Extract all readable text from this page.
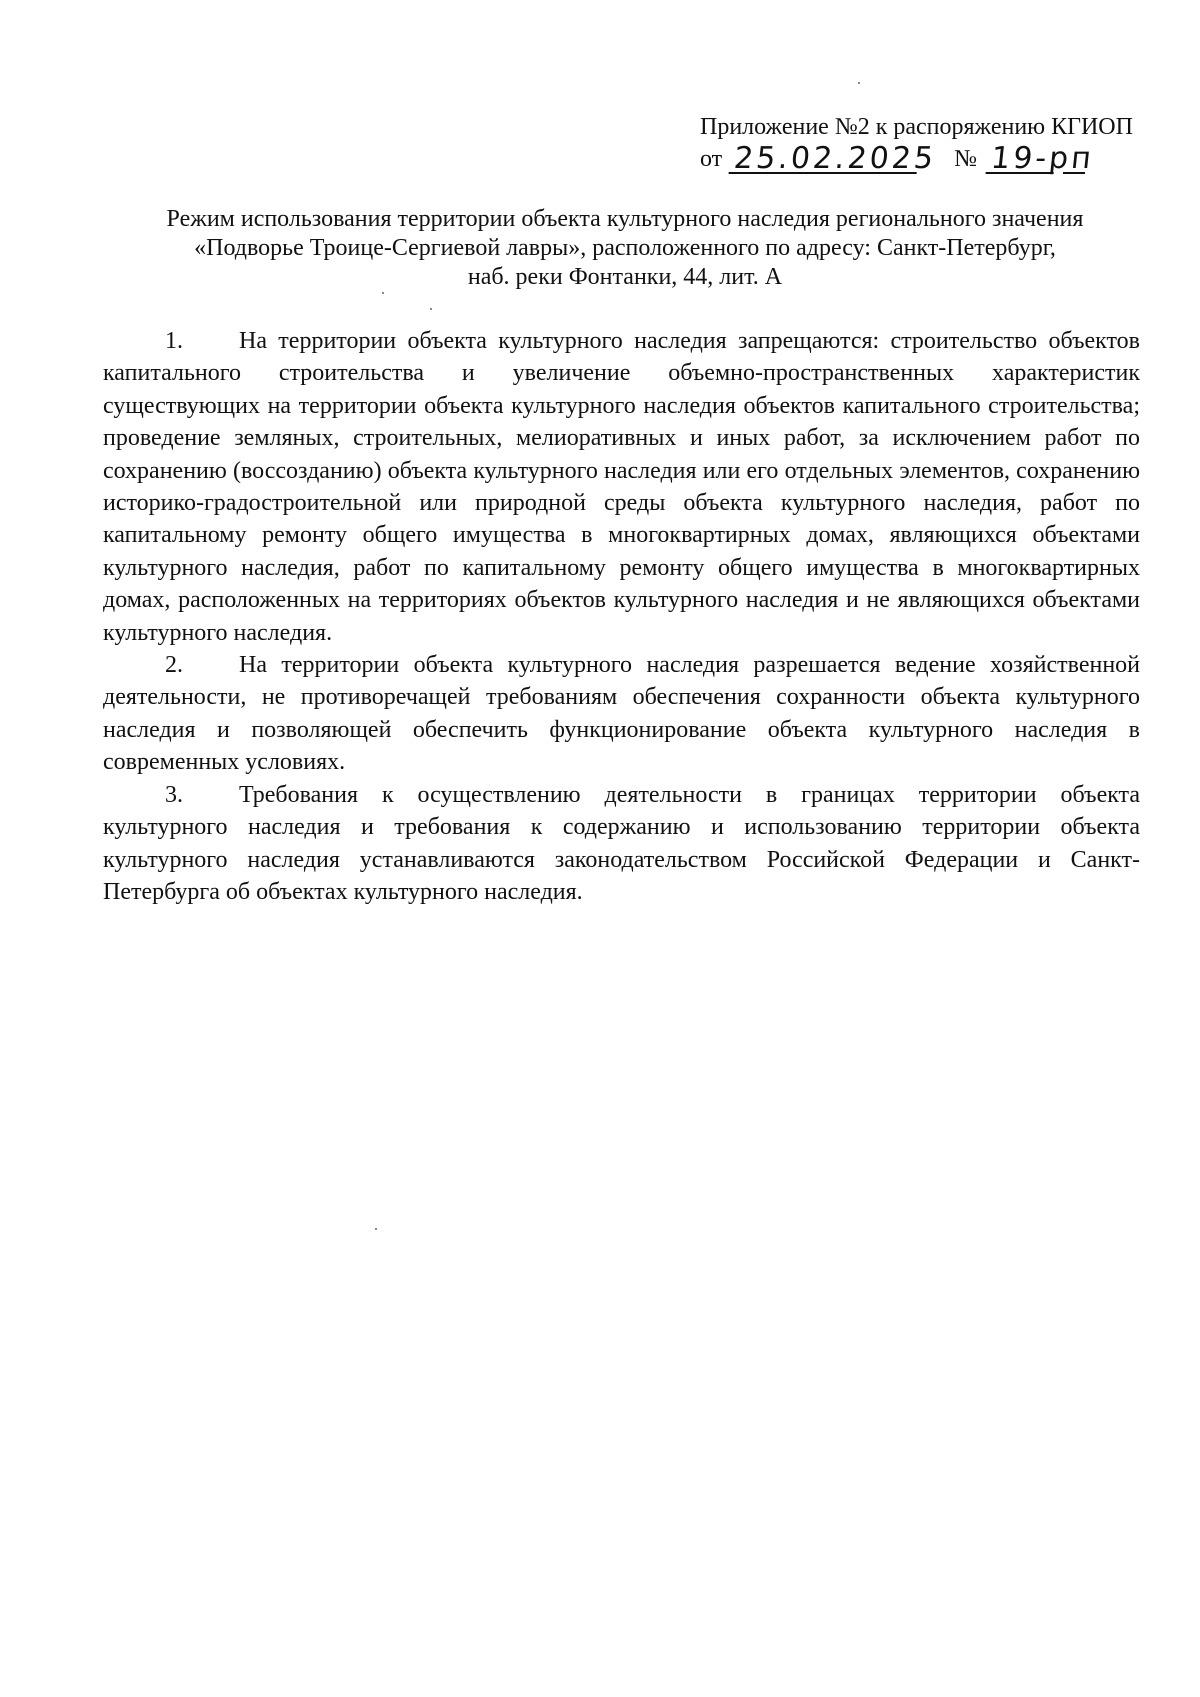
Приложение №2 к распоряжению КГИОП
от 25.02.2025 № 19-рп
Режим использования территории объекта культурного наследия регионального значения
«Подворье Троице-Сергиевой лавры», расположенного по адресу: Санкт-Петербург,
наб. реки Фонтанки, 44, лит. А

1. На территории объекта культурного наследия запрещаются: строительство объектов капитального строительства и увеличение объемно-пространственных характеристик существующих на территории объекта культурного наследия объектов капитального строительства; проведение земляных, строительных, мелиоративных и иных работ, за исключением работ по сохранению (воссозданию) объекта культурного наследия или его отдельных элементов, сохранению историко-градостроительной или природной среды объекта культурного наследия, работ по капитальному ремонту общего имущества в многоквартирных домах, являющихся объектами культурного наследия, работ по капитальному ремонту общего имущества в многоквартирных домах, расположенных на территориях объектов культурного наследия и не являющихся объектами культурного наследия.

2. На территории объекта культурного наследия разрешается ведение хозяйственной деятельности, не противоречащей требованиям обеспечения сохранности объекта культурного наследия и позволяющей обеспечить функционирование объекта культурного наследия в современных условиях.

3. Требования к осуществлению деятельности в границах территории объекта культурного наследия и требования к содержанию и использованию территории объекта культурного наследия устанавливаются законодательством Российской Федерации и Санкт-Петербурга об объектах культурного наследия.
